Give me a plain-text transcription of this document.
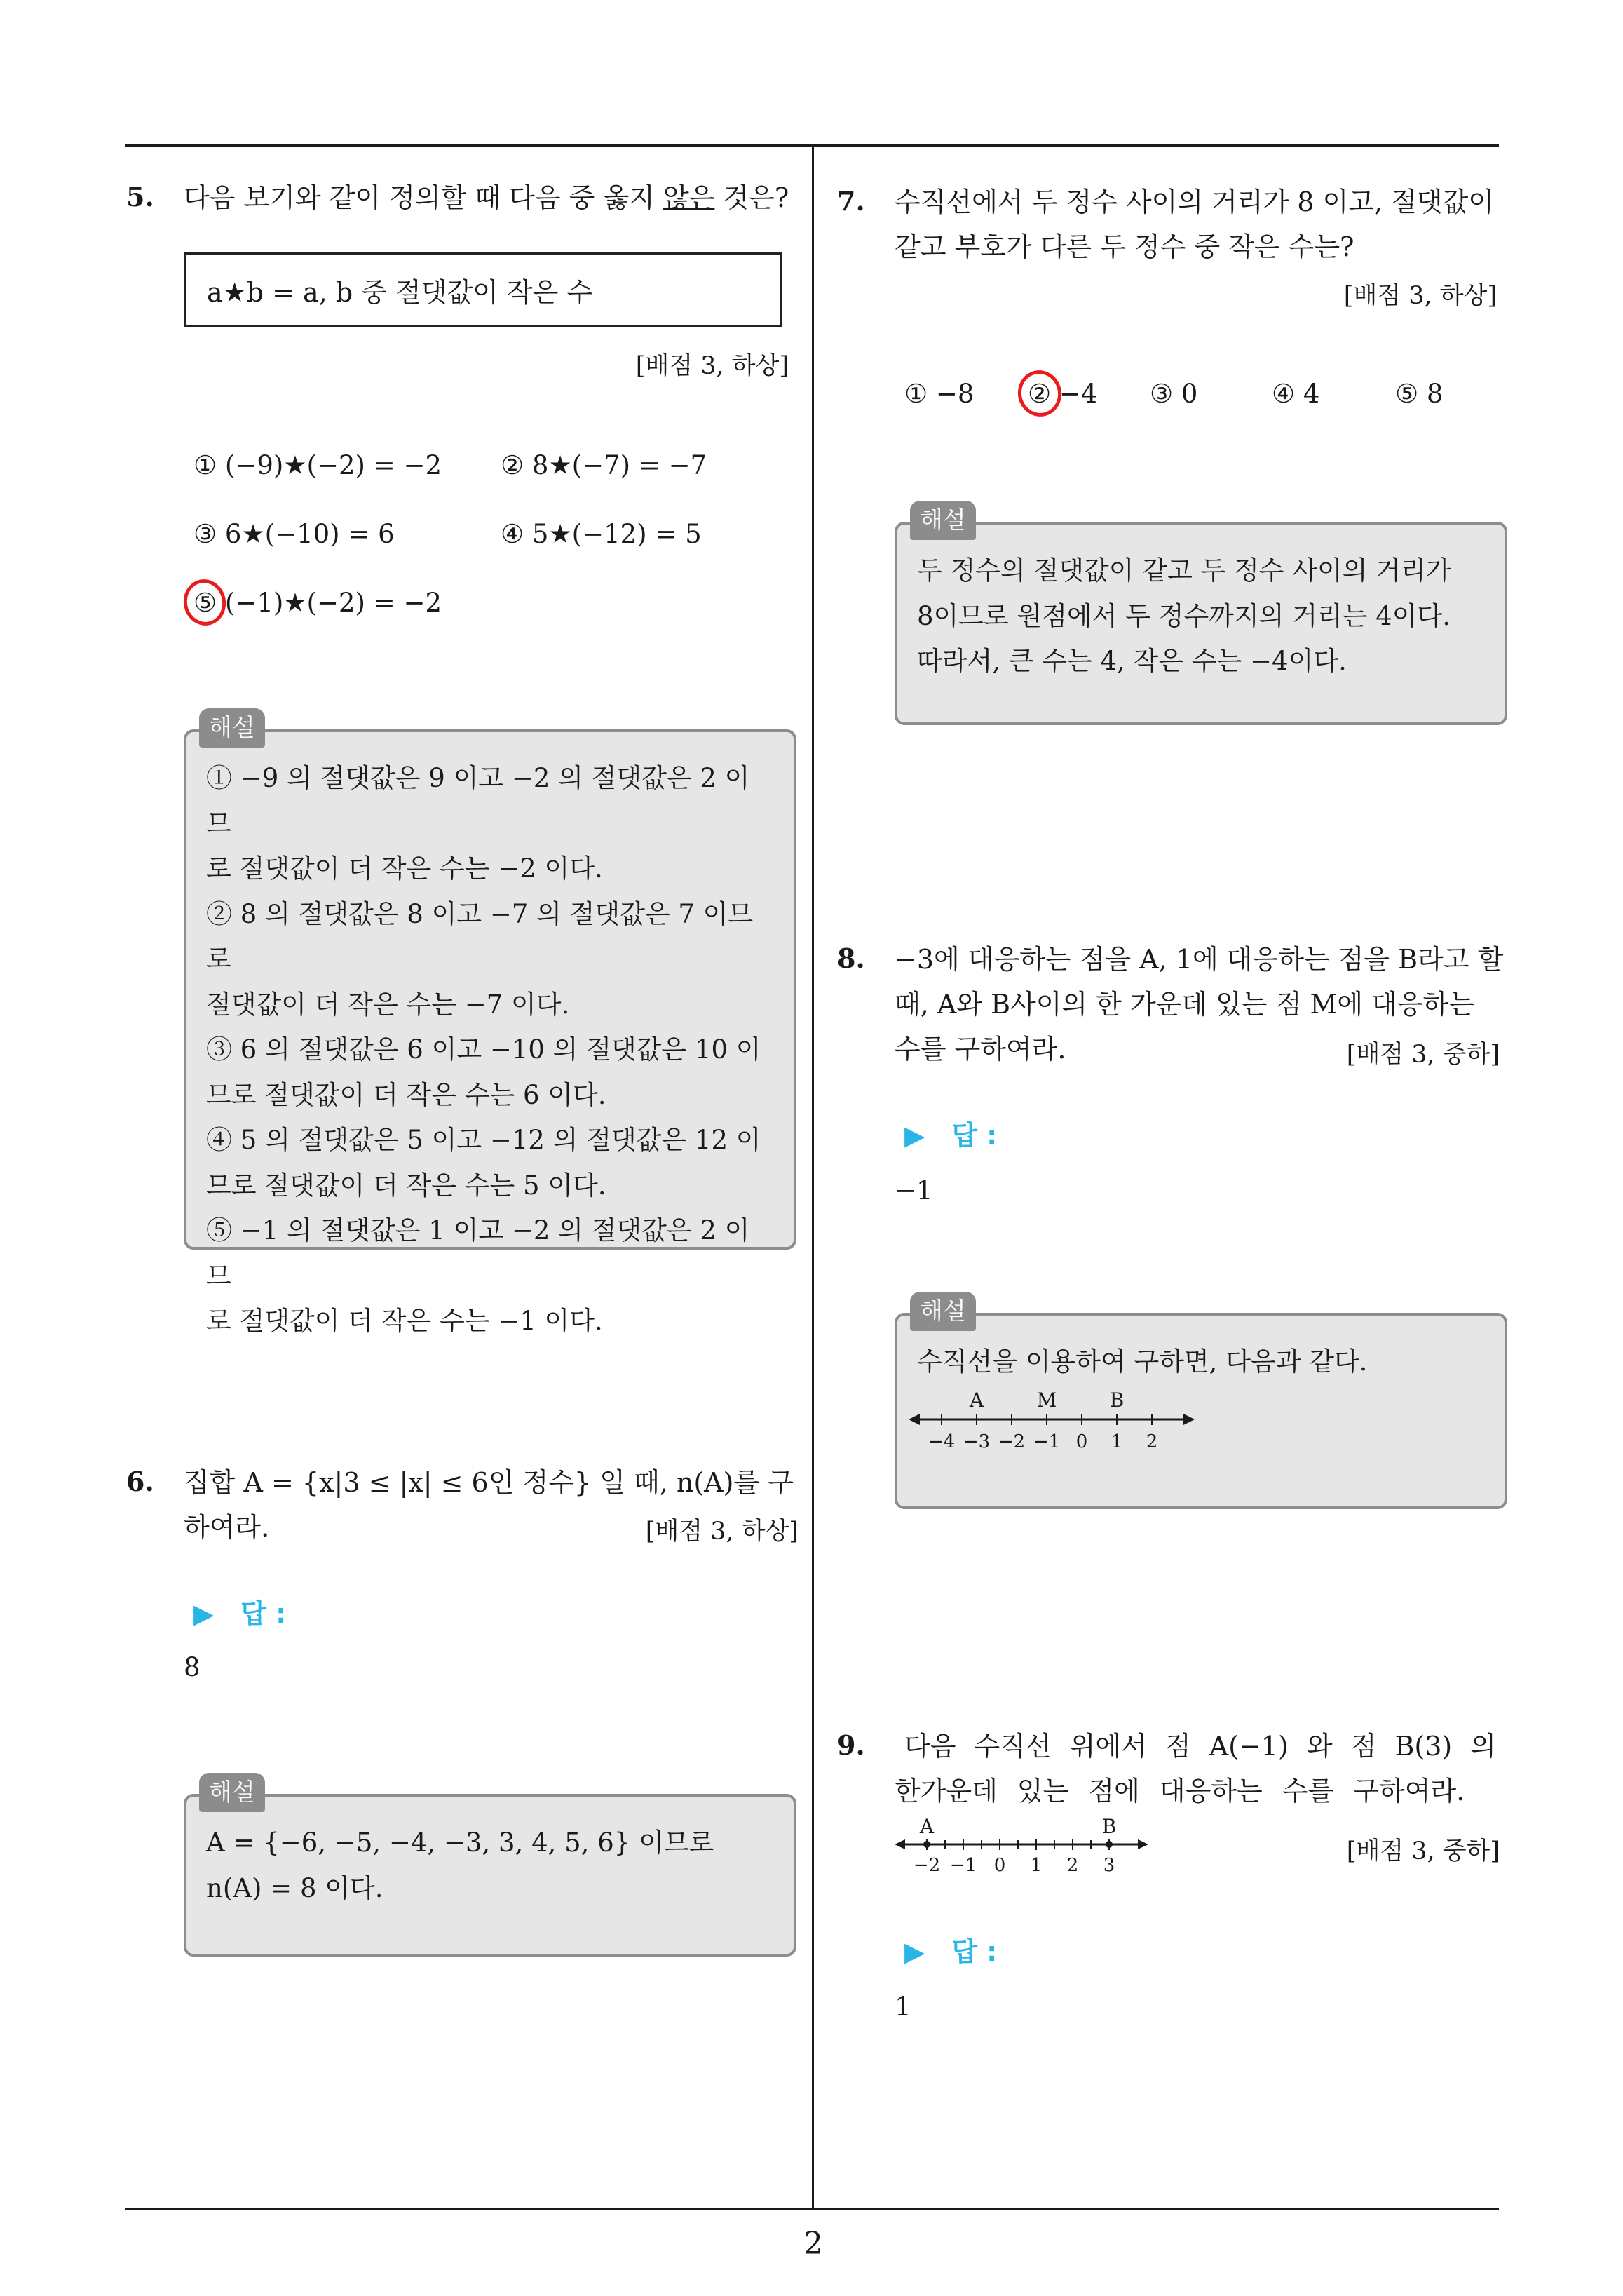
5. 다음 보기와 같이 정의할 때 다음 중 옳지 않은 것은?
a★b = a, b 중 절댓값이 작은 수
[배점 3, 하상]
① (−9)★(−2) = −2 ② 8★(−7) = −7
③ 6★(−10) = 6	④ 5★(−12) = 5
⑤ (−1)★(−2) = −2
해설
① −9 의 절댓값은 9 이고 −2 의 절댓값은 2 이므
로 절댓값이 더 작은 수는 −2 이다.
② 8 의 절댓값은 8 이고 −7 의 절댓값은 7 이므로
절댓값이 더 작은 수는 −7 이다.
③ 6 의 절댓값은 6 이고 −10 의 절댓값은 10 이
므로 절댓값이 더 작은 수는 6 이다.
④ 5 의 절댓값은 5 이고 −12 의 절댓값은 12 이
므로 절댓값이 더 작은 수는 5 이다.
⑤ −1 의 절댓값은 1 이고 −2 의 절댓값은 2 이므
로 절댓값이 더 작은 수는 −1 이다.
6. 집합 A = {x|3 ≤ |x| ≤ 6인 정수} 일 때, n(A)를 구
하여라.	[배점 3, 하상]
▶ 답 :
8
해설
A = {−6, −5, −4, −3, 3, 4, 5, 6} 이므로
n(A) = 8 이다.
7. 수직선에서 두 정수 사이의 거리가 8 이고, 절댓값이
같고 부호가 다른 두 정수 중 작은 수는?
[배점 3, 하상]
① −8 ② −4 ③ 0	④ 4	⑤ 8
해설
두 정수의 절댓값이 같고 두 정수 사이의 거리가
8이므로 원점에서 두 정수까지의 거리는 4이다.
따라서, 큰 수는 4, 작은 수는 −4이다.
8. −3에 대응하는 점을 A, 1에 대응하는 점을 B라고 할
때, A와 B사이의 한 가운데 있는 점 M에 대응하는
수를 구하여라.	[배점 3, 중하]
▶ 답 :
−1
해설
수직선을 이용하여 구하면, 다음과 같다.
A	M	B
−4 −3 −2 −1 0 1 2
9. 다음 수직선 위에서 점 A(−1) 와 점 B(3) 의
한가운데 있는 점에 대응하는 수를 구하여라.
A	B
−2 −1 0 1 2 3	[배점 3, 중하]
▶ 답 :
1
2
